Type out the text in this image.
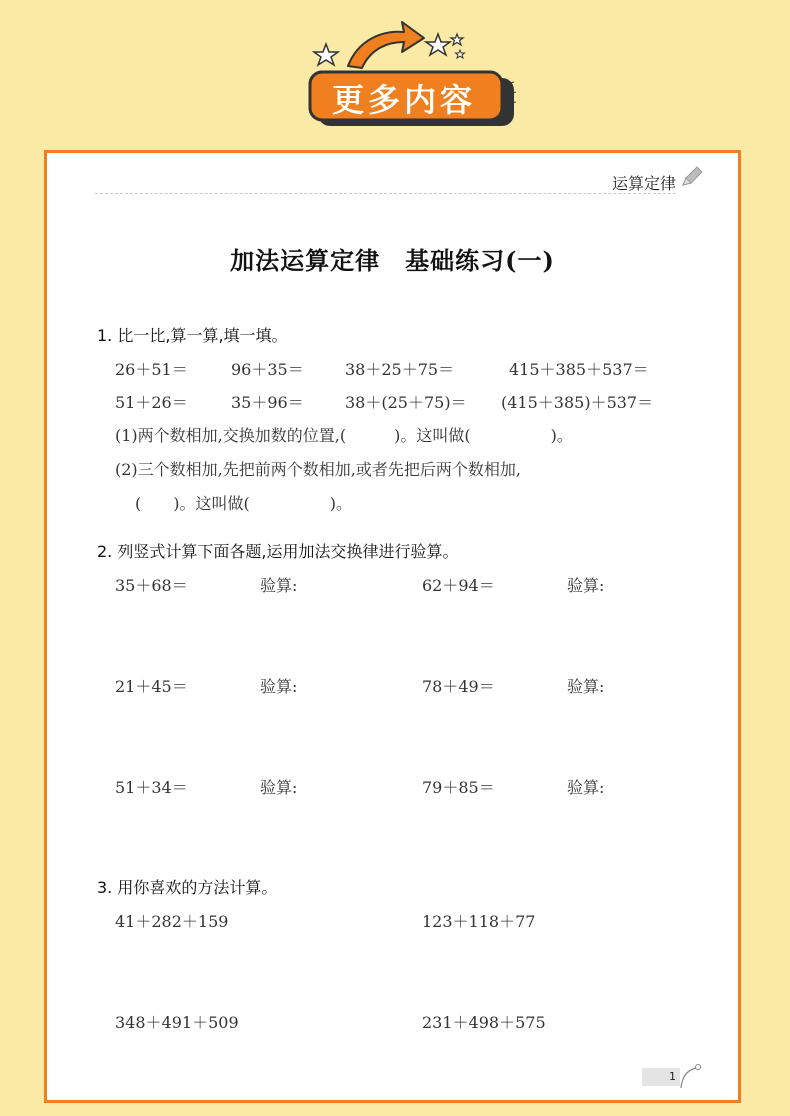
更多内容
运算定律
加法运算定律　基础练习(一)
1. 比一比,算一算,填一填。
26＋51＝	96＋35＝	38＋25＋75＝	415＋385＋537＝
51＋26＝	35＋96＝	38＋(25＋75)＝ (415＋385)＋537＝
(1)两个数相加,交换加数的位置,(　　　)。这叫做(　　　　　)。
(2)三个数相加,先把前两个数相加,或者先把后两个数相加,
(　　)。这叫做(　　　　　)。
2. 列竖式计算下面各题,运用加法交换律进行验算。
35＋68＝	验算:	62＋94＝	验算:
21＋45＝	验算:	78＋49＝	验算:
51＋34＝	验算:	79＋85＝	验算:
3. 用你喜欢的方法计算。
41＋282＋159	123＋118＋77
348＋491＋509	231＋498＋575
1
